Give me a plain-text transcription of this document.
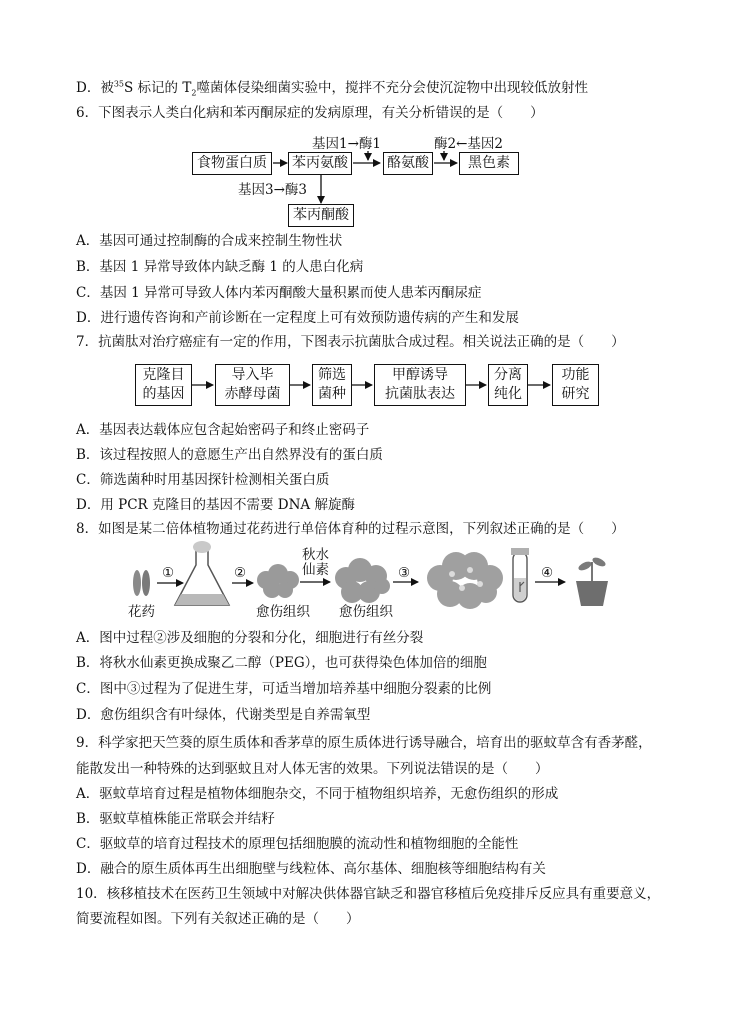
D．被$^{35}$S 标记的 $T_2$噬菌体侵染细菌实验中，搅拌不充分会使沉淀物中出现较低放射性
6．下图表示人类白化病和苯丙酮尿症的发病原理，有关分析错误的是（　　）
基因1→酶1	酶2←基因2
基因3→酶3
食物蛋白质	苯丙氨酸	酪氨酸	黑色素
苯丙酮酸
A．基因可通过控制酶的合成来控制生物性状
B．基因 1 异常导致体内缺乏酶 1 的人患白化病
C．基因 1 异常可导致人体内苯丙酮酸大量积累而使人患苯丙酮尿症
D．进行遗传咨询和产前诊断在一定程度上可有效预防遗传病的产生和发展
7．抗菌肽对治疗癌症有一定的作用，下图表示抗菌肽合成过程。相关说法正确的是（　　）
克隆目
的基因
导入毕
赤酵母菌
筛选
菌种
甲醇诱导
抗菌肽表达
分离
纯化
功能
研究
A．基因表达载体应包含起始密码子和终止密码子
B．该过程按照人的意愿生产出自然界没有的蛋白质
C．筛选菌种时用基因探针检测相关蛋白质
D．用 PCR 克隆目的基因不需要 DNA 解旋酶
8．如图是某二倍体植物通过花药进行单倍体育种的过程示意图，下列叙述正确的是（　　）
①	②
秋水
仙素	③	④
花药	愈伤组织 愈伤组织
A．图中过程②涉及细胞的分裂和分化，细胞进行有丝分裂
B．将秋水仙素更换成聚乙二醇（PEG），也可获得染色体加倍的细胞
C．图中③过程为了促进生芽，可适当增加培养基中细胞分裂素的比例
D．愈伤组织含有叶绿体，代谢类型是自养需氧型
9．科学家把天竺葵的原生质体和香茅草的原生质体进行诱导融合，培育出的驱蚊草含有香茅醛，
能散发出一种特殊的达到驱蚊且对人体无害的效果。下列说法错误的是（　　）
A．驱蚊草培育过程是植物体细胞杂交，不同于植物组织培养，无愈伤组织的形成
B．驱蚊草植株能正常联会并结籽
C．驱蚊草的培育过程技术的原理包括细胞膜的流动性和植物细胞的全能性
D．融合的原生质体再生出细胞壁与线粒体、高尔基体、细胞核等细胞结构有关
10．核移植技术在医药卫生领域中对解决供体器官缺乏和器官移植后免疫排斥反应具有重要意义，
简要流程如图。下列有关叙述正确的是（　　）
